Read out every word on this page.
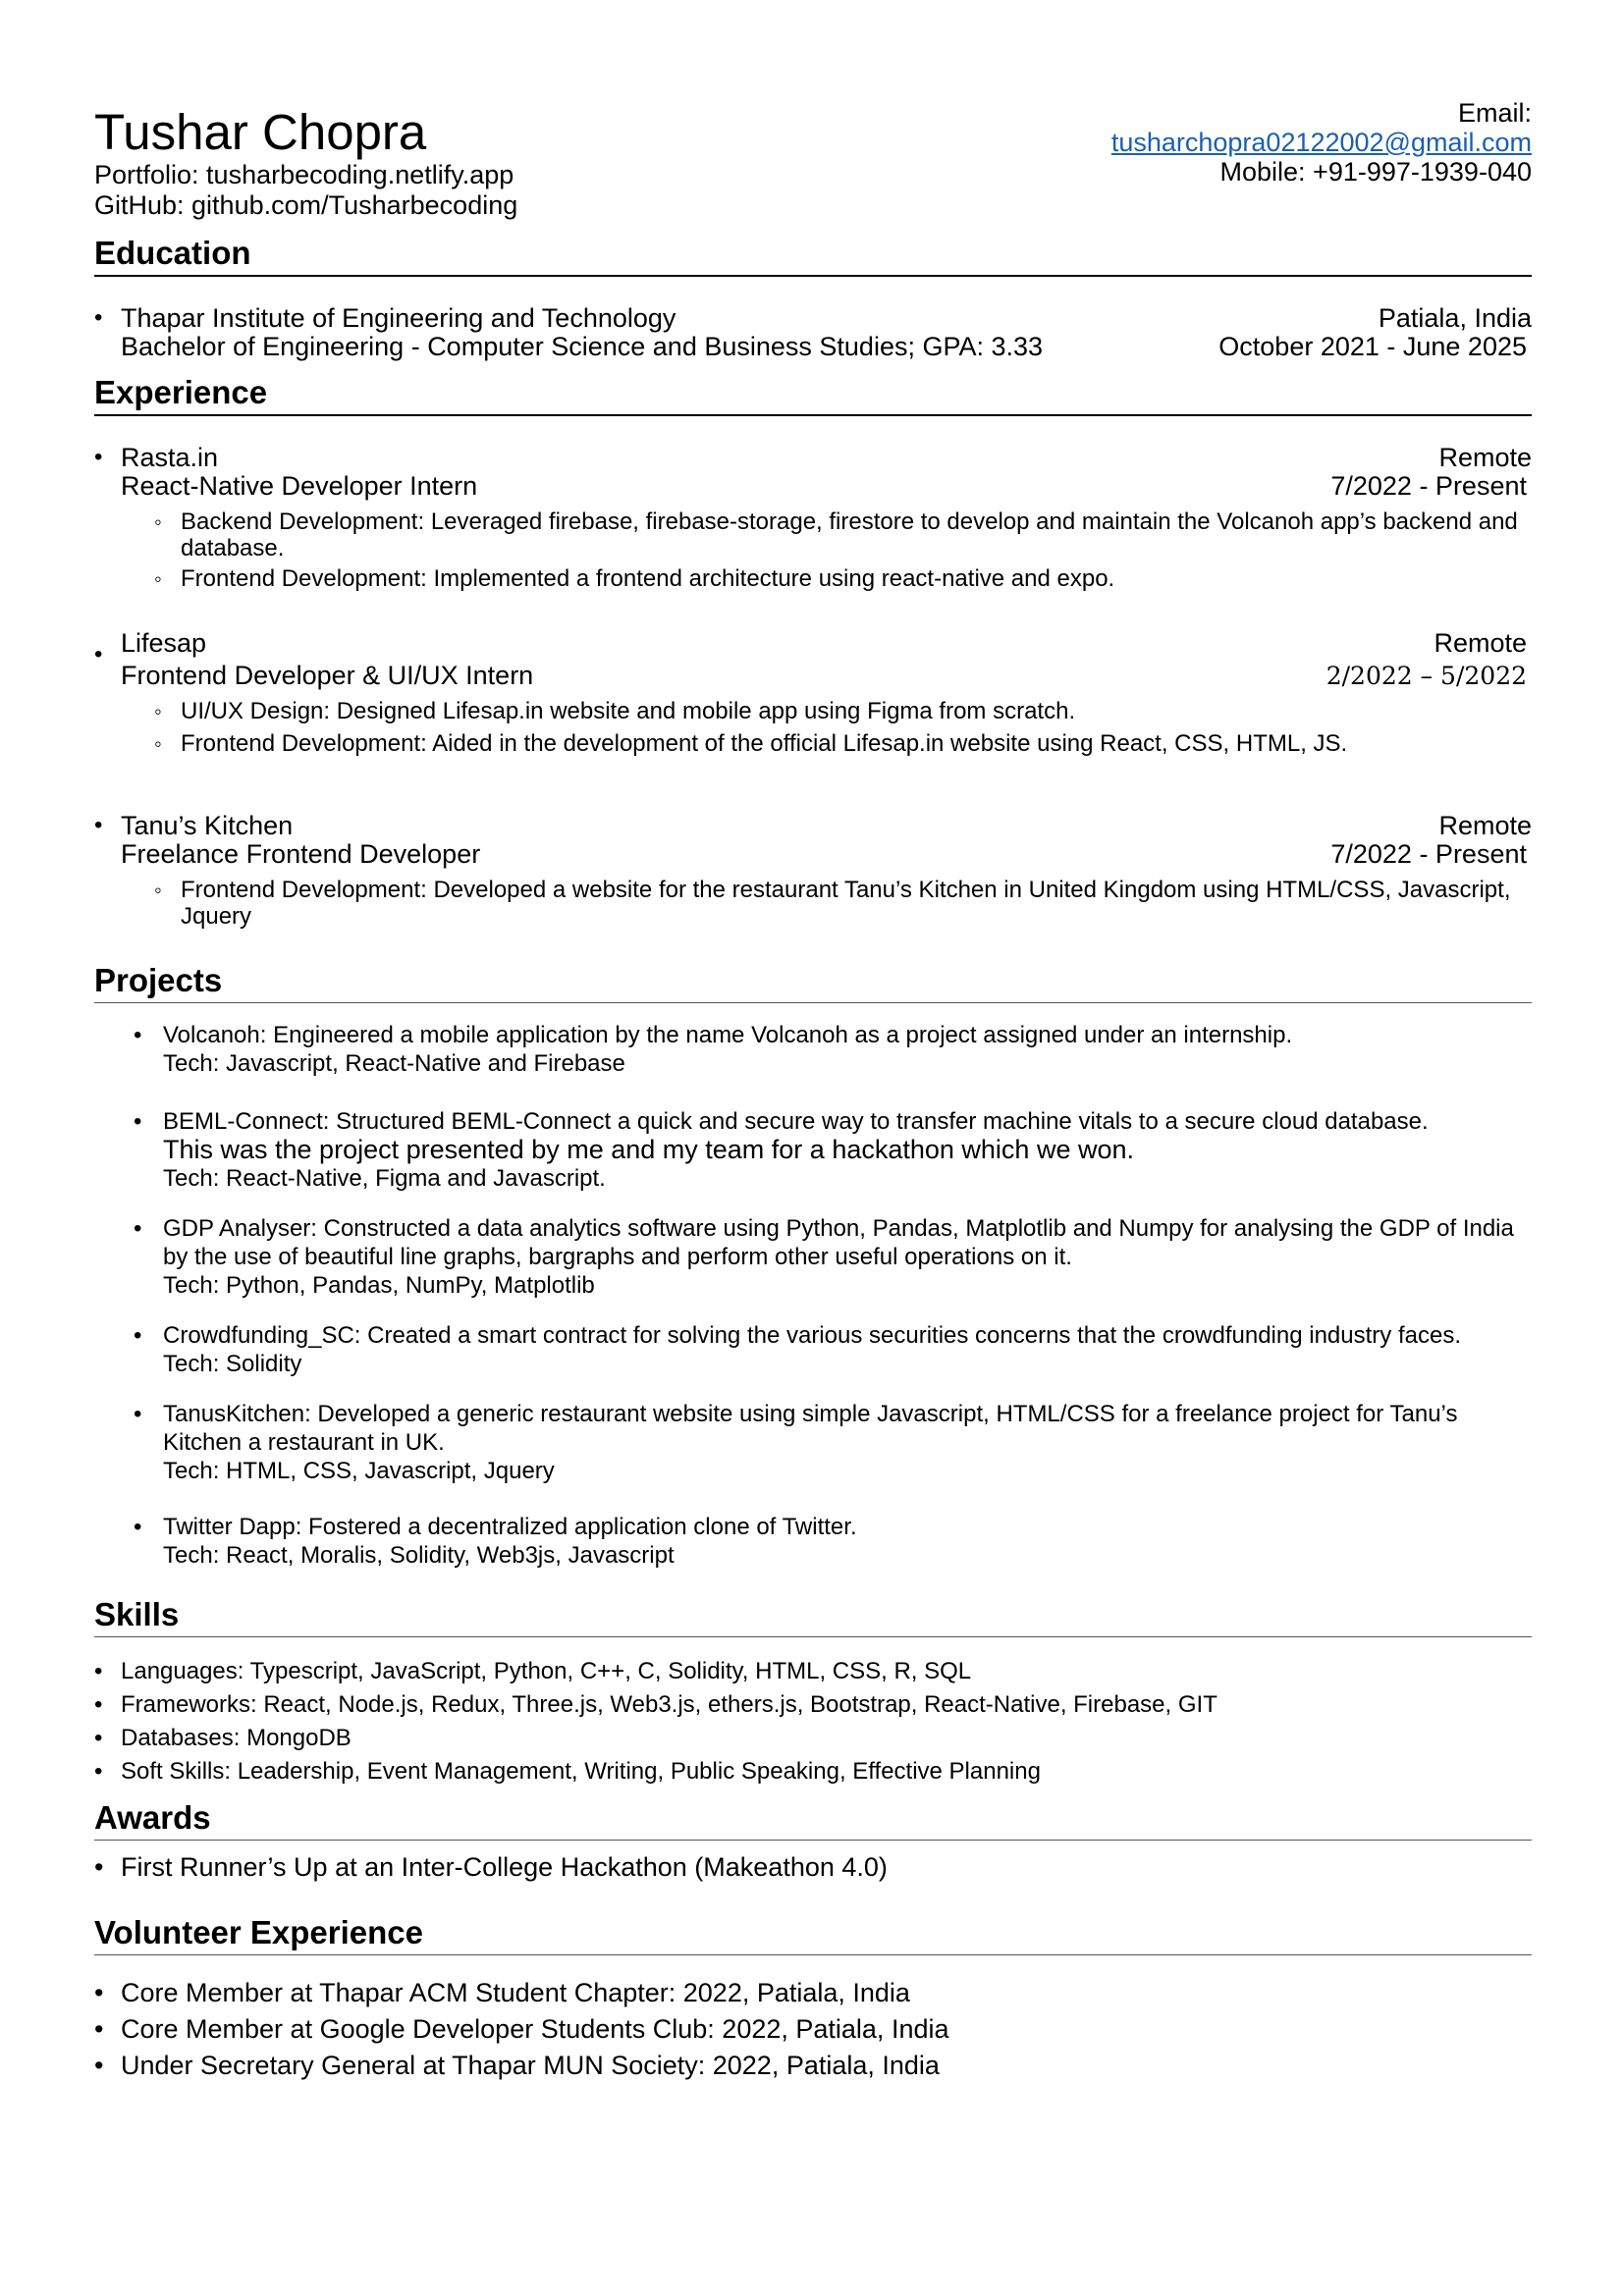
Tushar Chopra
Portfolio: tusharbecoding.netlify.app
GitHub: github.com/Tusharbecoding
Email:
tusharchopra02122002@gmail.com
Mobile: +91-997-1939-040
Education
• Thapar Institute of Engineering and Technology	Patiala, India
Bachelor of Engineering - Computer Science and Business Studies; GPA: 3.33	October 2021 - June 2025
Experience
• Rasta.in	Remote
React-Native Developer Intern	7/2022 - Present
◦ Backend Development: Leveraged firebase, firebase-storage, firestore to develop and maintain the Volcanoh app’s backend and database.
◦ Frontend Development: Implemented a frontend architecture using react-native and expo.
• Lifesap	Remote
Frontend Developer & UI/UX Intern	2/2022 – 5/2022
◦ UI/UX Design: Designed Lifesap.in website and mobile app using Figma from scratch.
◦ Frontend Development: Aided in the development of the official Lifesap.in website using React, CSS, HTML, JS.
• Tanu’s Kitchen	Remote
Freelance Frontend Developer	7/2022 - Present
◦ Frontend Development: Developed a website for the restaurant Tanu’s Kitchen in United Kingdom using HTML/CSS, Javascript, Jquery
Projects
• Volcanoh: Engineered a mobile application by the name Volcanoh as a project assigned under an internship.
Tech: Javascript, React-Native and Firebase
• BEML-Connect: Structured BEML-Connect a quick and secure way to transfer machine vitals to a secure cloud database.
This was the project presented by me and my team for a hackathon which we won.
Tech: React-Native, Figma and Javascript.
• GDP Analyser: Constructed a data analytics software using Python, Pandas, Matplotlib and Numpy for analysing the GDP of India by the use of beautiful line graphs, bargraphs and perform other useful operations on it.
Tech: Python, Pandas, NumPy, Matplotlib
• Crowdfunding_SC: Created a smart contract for solving the various securities concerns that the crowdfunding industry faces.
Tech: Solidity
• TanusKitchen: Developed a generic restaurant website using simple Javascript, HTML/CSS for a freelance project for Tanu’s Kitchen a restaurant in UK.
Tech: HTML, CSS, Javascript, Jquery
• Twitter Dapp: Fostered a decentralized application clone of Twitter.
Tech: React, Moralis, Solidity, Web3js, Javascript
Skills
• Languages: Typescript, JavaScript, Python, C++, C, Solidity, HTML, CSS, R, SQL
• Frameworks: React, Node.js, Redux, Three.js, Web3.js, ethers.js, Bootstrap, React-Native, Firebase, GIT
• Databases: MongoDB
• Soft Skills: Leadership, Event Management, Writing, Public Speaking, Effective Planning
Awards
• First Runner’s Up at an Inter-College Hackathon (Makeathon 4.0)
Volunteer Experience
• Core Member at Thapar ACM Student Chapter: 2022, Patiala, India
• Core Member at Google Developer Students Club: 2022, Patiala, India
• Under Secretary General at Thapar MUN Society: 2022, Patiala, India
